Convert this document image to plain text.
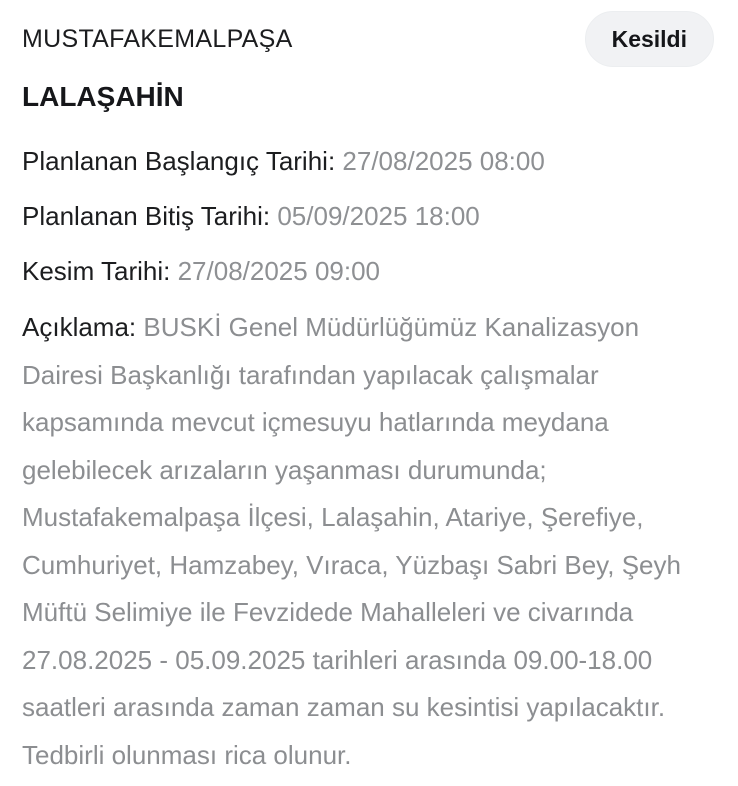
MUSTAFAKEMALPAŞA	Kesildi
LALAŞAHİN
Planlanan Başlangıç Tarihi: 27/08/2025 08:00
Planlanan Bitiş Tarihi: 05/09/2025 18:00
Kesim Tarihi: 27/08/2025 09:00

Açıklama: BUSKİ Genel Müdürlüğümüz Kanalizasyon Dairesi Başkanlığı tarafından yapılacak çalışmalar kapsamında mevcut içmesuyu hatlarında meydana gelebilecek arızaların yaşanması durumunda; Mustafakemalpaşa İlçesi, Lalaşahin, Atariye, Şerefiye, Cumhuriyet, Hamzabey, Vıraca, Yüzbaşı Sabri Bey, Şeyh Müftü Selimiye ile Fevzidede Mahalleleri ve civarında 27.08.2025 - 05.09.2025 tarihleri arasında 09.00-18.00 saatleri arasında zaman zaman su kesintisi yapılacaktır. Tedbirli olunması rica olunur.
